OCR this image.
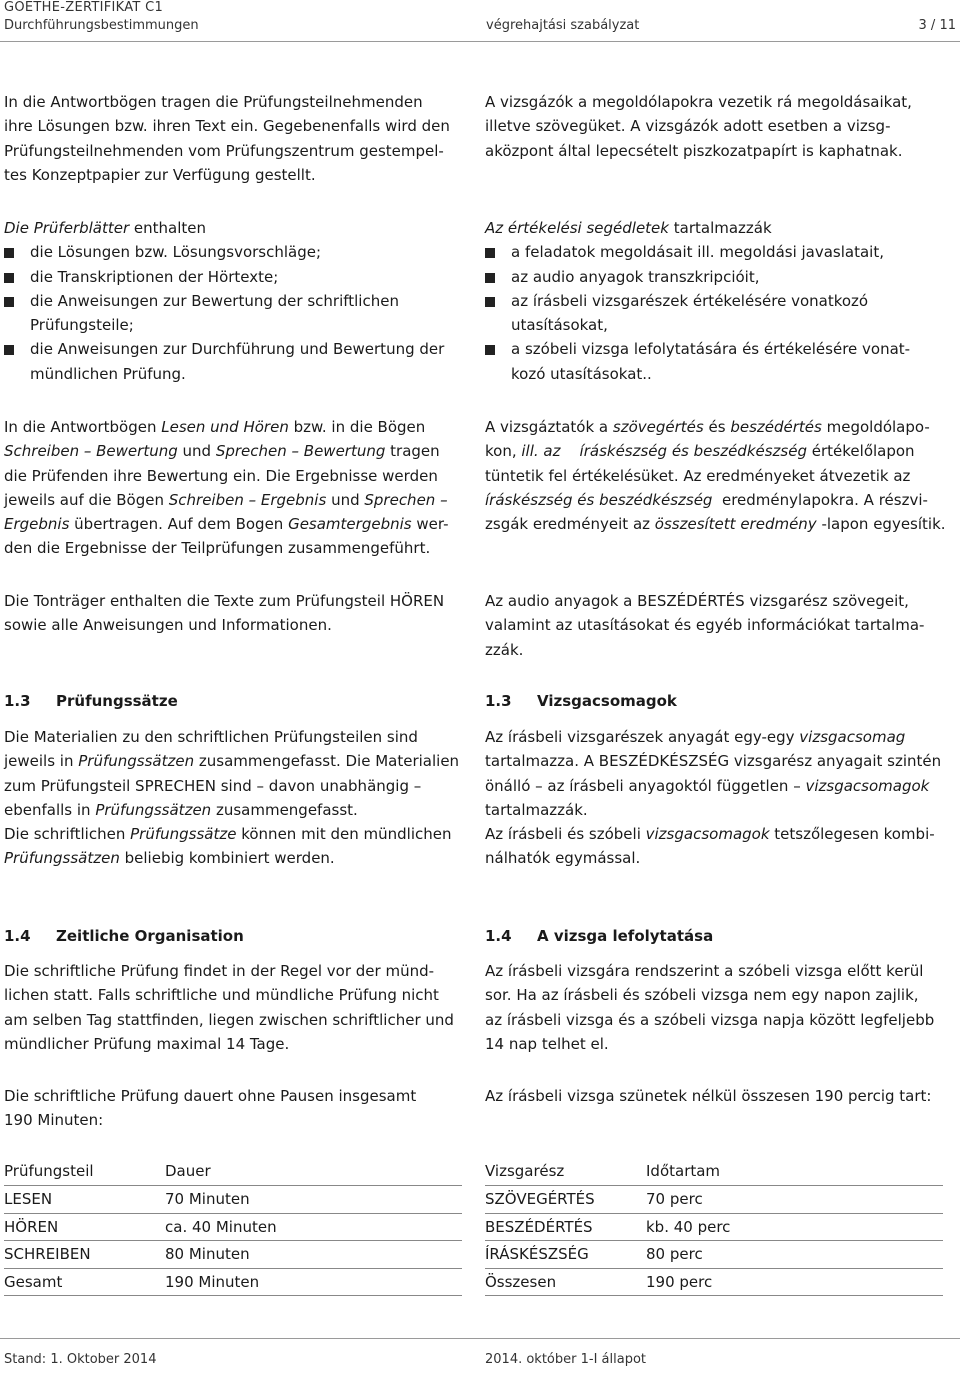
GOETHE-ZERTIFIKAT C1
Durchführungsbestimmungen	végrehajtási szabályzat	3 / 11
In die Antwortbögen tragen die Prüfungsteilnehmenden
ihre Lösungen bzw. ihren Text ein. Gegebenenfalls wird den
Prüfungsteilnehmenden vom Prüfungszentrum gestempel-
tes Konzeptpapier zur Verfügung gestellt.
Die Prüferblätter enthalten
die Lösungen bzw. Lösungsvorschläge;
die Transkriptionen der Hörtexte;
die Anweisungen zur Bewertung der schriftlichen
Prüfungsteile;
die Anweisungen zur Durchführung und Bewertung der
mündlichen Prüfung.
In die Antwortbögen Lesen und Hören bzw. in die Bögen
Schreiben – Bewertung und Sprechen – Bewertung tragen
die Prüfenden ihre Bewertung ein. Die Ergebnisse werden
jeweils auf die Bögen Schreiben – Ergebnis und Sprechen –
Ergebnis übertragen. Auf dem Bogen Gesamtergebnis wer-
den die Ergebnisse der Teilprüfungen zusammengeführt.
Die Tonträger enthalten die Texte zum Prüfungsteil HÖREN
sowie alle Anweisungen und Informationen.
1.3 Prüfungssätze
Die Materialien zu den schriftlichen Prüfungsteilen sind
jeweils in Prüfungssätzen zusammengefasst. Die Materialien
zum Prüfungsteil SPRECHEN sind – davon unabhängig –
ebenfalls in Prüfungssätzen zusammengefasst.
Die schriftlichen Prüfungssätze können mit den mündlichen
Prüfungssätzen beliebig kombiniert werden.
1.4 Zeitliche Organisation
Die schriftliche Prüfung findet in der Regel vor der münd-
lichen statt. Falls schriftliche und mündliche Prüfung nicht
am selben Tag stattfinden, liegen zwischen schriftlicher und
mündlicher Prüfung maximal 14 Tage.
Die schriftliche Prüfung dauert ohne Pausen insgesamt
190 Minuten:
Prüfungsteil	Dauer
LESEN	70 Minuten
HÖREN	ca. 40 Minuten
SCHREIBEN	80 Minuten
Gesamt	190 Minuten
A vizsgázók a megoldólapokra vezetik rá megoldásaikat,
illetve szövegüket. A vizsgázók adott esetben a vizsg-
aközpont által lepecsételt piszkozatpapírt is kaphatnak.
Az értékelési segédletek tartalmazzák
a feladatok megoldásait ill. megoldási javaslatait,
az audio anyagok transzkripcióit,
az írásbeli vizsgarészek értékelésére vonatkozó
utasításokat,
a szóbeli vizsga lefolytatására és értékelésére vonat-
kozó utasításokat..
A vizsgáztatók a szövegértés és beszédértés megoldólapo-
kon, ill. az    íráskészség és beszédkészség értékelőlapon
tüntetik fel értékelésüket. Az eredményeket átvezetik az
íráskészség és beszédkészség  eredménylapokra. A részvi-
zsgák eredményeit az összesített eredmény -lapon egyesítik.
Az audio anyagok a BESZÉDÉRTÉS vizsgarész szövegeit,
valamint az utasításokat és egyéb információkat tartalma-
zzák.
1.3 Vizsgacsomagok
Az írásbeli vizsgarészek anyagát egy-egy vizsgacsomag
tartalmazza. A BESZÉDKÉSZSÉG vizsgarész anyagait szintén
önálló – az írásbeli anyagoktól független – vizsgacsomagok
tartalmazzák.
Az írásbeli és szóbeli vizsgacsomagok tetszőlegesen kombi-
nálhatók egymással.
1.4 A vizsga lefolytatása
Az írásbeli vizsgára rendszerint a szóbeli vizsga előtt kerül
sor. Ha az írásbeli és szóbeli vizsga nem egy napon zajlik,
az írásbeli vizsga és a szóbeli vizsga napja között legfeljebb
14 nap telhet el.
Az írásbeli vizsga szünetek nélkül összesen 190 percig tart:
Vizsgarész	Időtartam
SZÖVEGÉRTÉS	70 perc
BESZÉDÉRTÉS	kb. 40 perc
ÍRÁSKÉSZSÉG	80 perc
Összesen	190 perc
Stand: 1. Oktober 2014	2014. október 1-I állapot
